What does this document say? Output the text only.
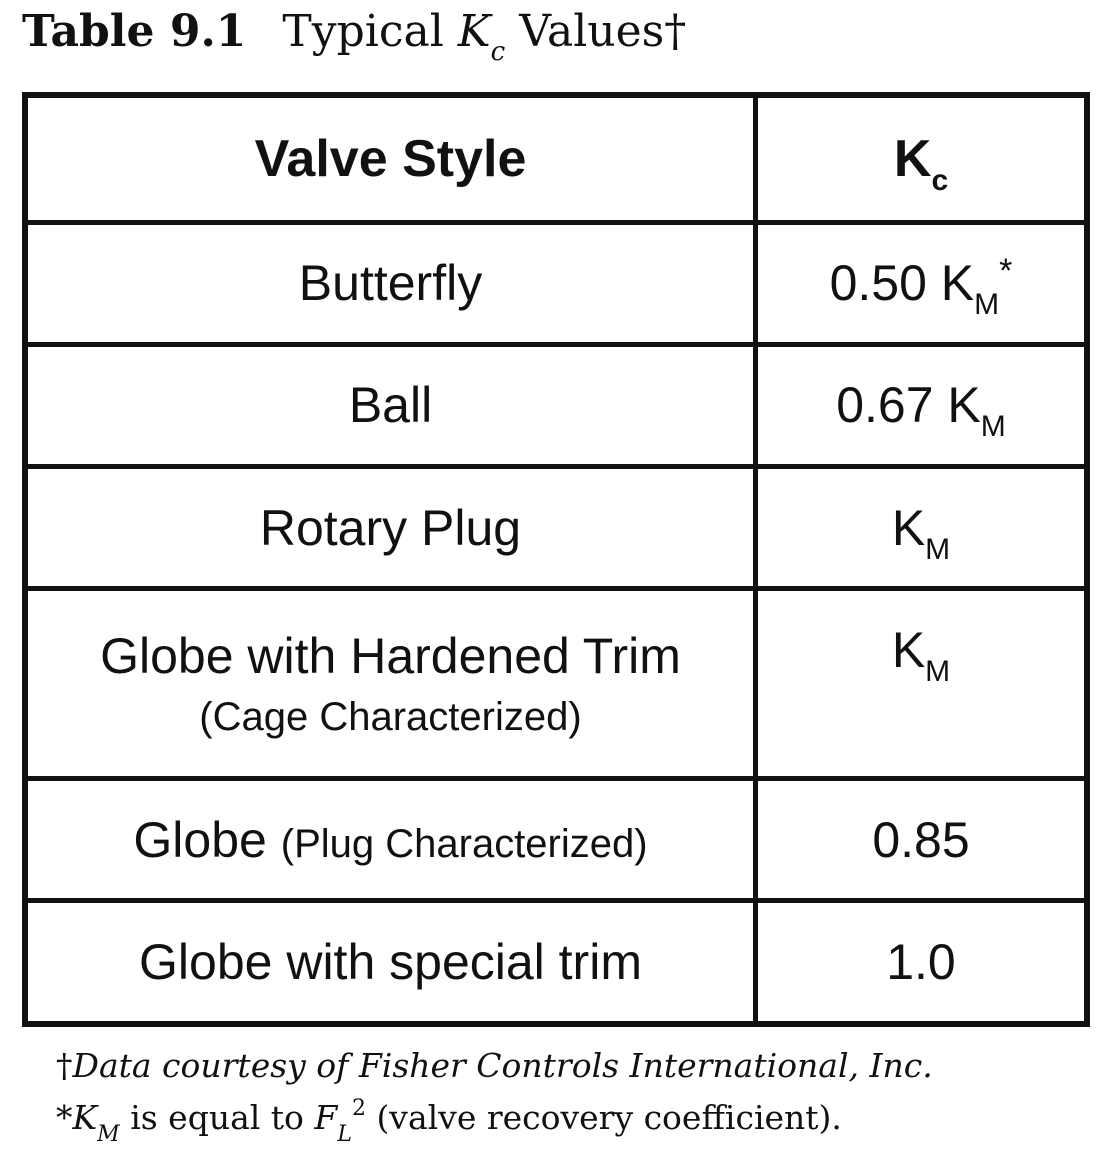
Table 9.1 Typical $K_c$ Values†
Valve Style	$K_c$
Butterfly	0.50 $K_M^*$
Ball	0.67 $K_M$
Rotary Plug	$K_M$
Globe with Hardened Trim
(Cage Characterized)	$K_M$
Globe (Plug Characterized)	0.85
Globe with special trim	1.0
†Data courtesy of Fisher Controls International, Inc.
$*K_M$ is equal to $F_L^2$ (valve recovery coefficient).
